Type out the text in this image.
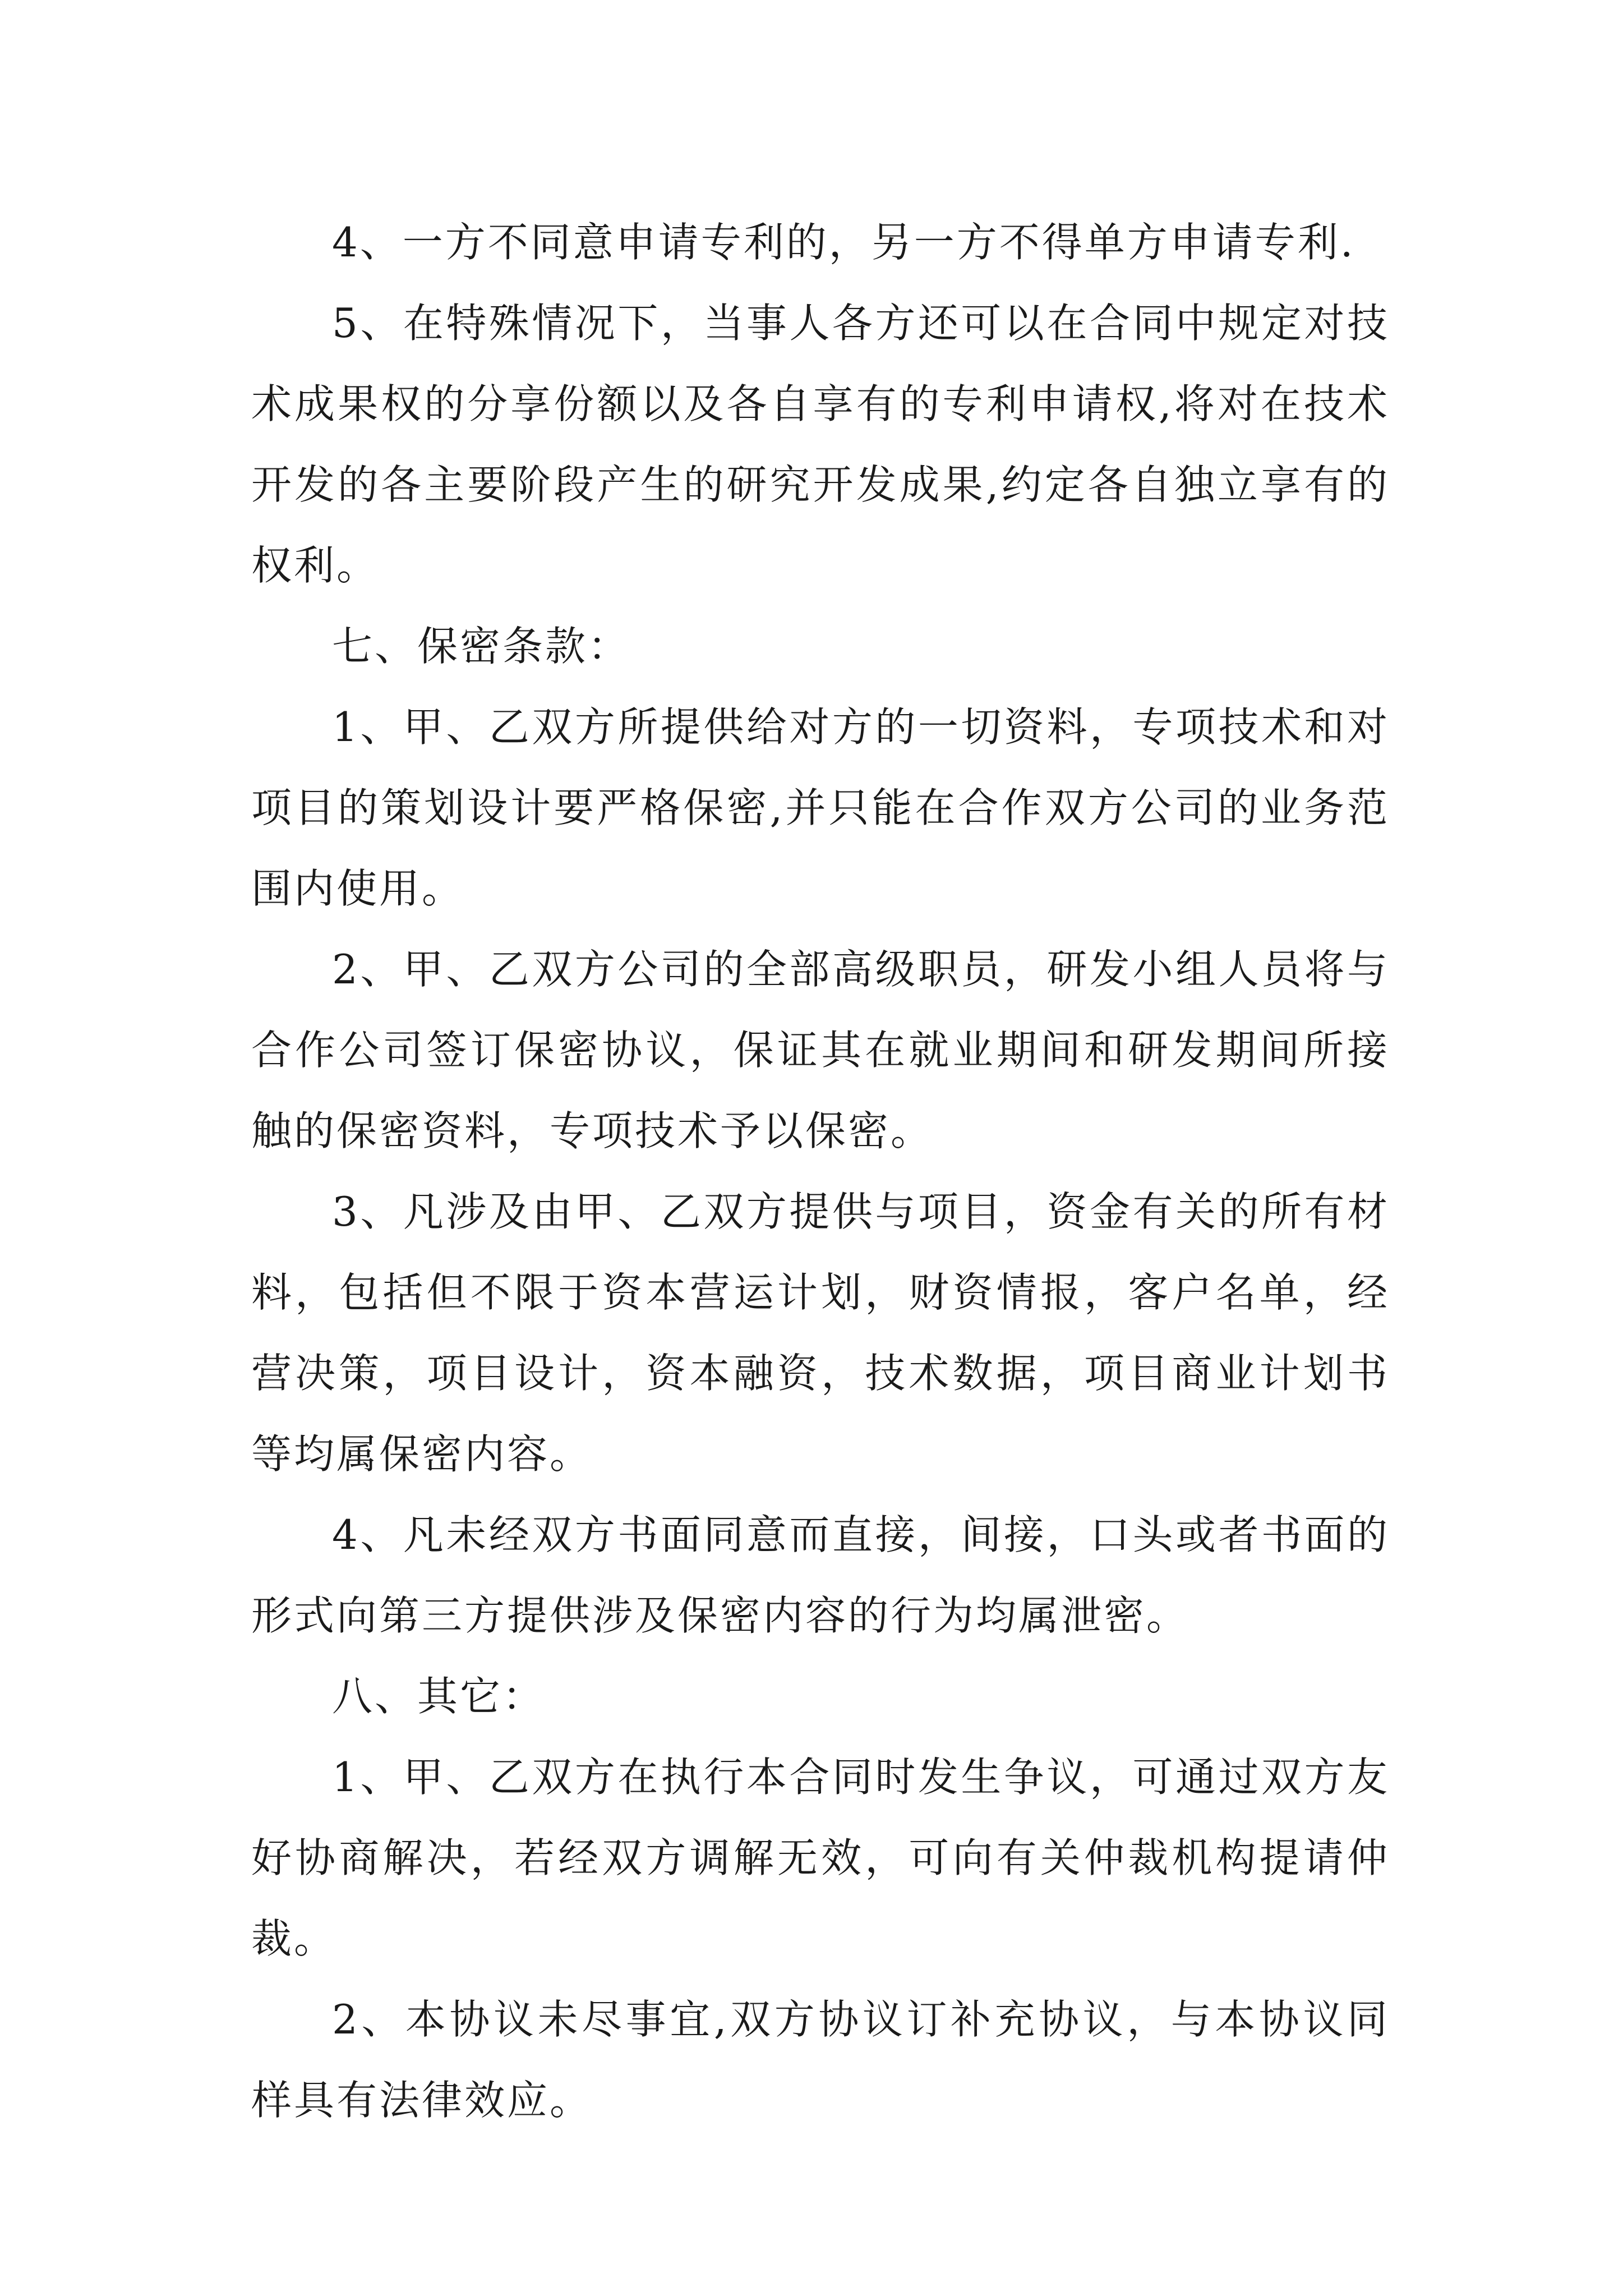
4、一方不同意申请专利的，另一方不得单方申请专利.

5、在特殊情况下，当事人各方还可以在合同中规定对技术成果权的分享份额以及各自享有的专利申请权,将对在技术开发的各主要阶段产生的研究开发成果,约定各自独立享有的权利。

七、保密条款：

1、甲、乙双方所提供给对方的一切资料，专项技术和对项目的策划设计要严格保密,并只能在合作双方公司的业务范围内使用。

2、甲、乙双方公司的全部高级职员，研发小组人员将与合作公司签订保密协议，保证其在就业期间和研发期间所接触的保密资料，专项技术予以保密。

3、凡涉及由甲、乙双方提供与项目，资金有关的所有材料，包括但不限于资本营运计划，财资情报，客户名单，经营决策，项目设计，资本融资，技术数据，项目商业计划书等均属保密内容。

4、凡未经双方书面同意而直接，间接，口头或者书面的形式向第三方提供涉及保密内容的行为均属泄密。

八、其它：

1、甲、乙双方在执行本合同时发生争议，可通过双方友好协商解决，若经双方调解无效，可向有关仲裁机构提请仲裁。

2、本协议未尽事宜,双方协议订补充协议，与本协议同样具有法律效应。
